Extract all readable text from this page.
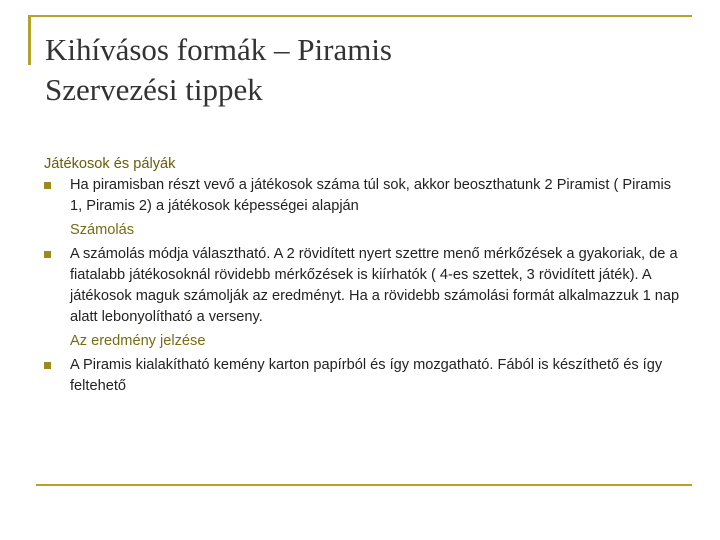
Kihívásos formák – Piramis
Szervezési tippek

Játékosok és pályák

Ha piramisban részt vevő a játékosok száma túl sok, akkor beoszthatunk 2 Piramist ( Piramis 1, Piramis 2) a játékosok képességei alapján

Számolás

A számolás módja választható. A 2 rövidített nyert szettre menő mérkőzések a gyakoriak, de a fiatalabb játékosoknál rövidebb mérkőzések is kiírhatók ( 4-es szettek, 3 rövidített játék). A játékosok maguk számolják az eredményt. Ha a rövidebb számolási formát alkalmazzuk 1 nap alatt lebonyolítható a verseny.

Az eredmény jelzése

A Piramis kialakítható kemény karton papírból és így mozgatható. Fából is készíthető és így feltehető
